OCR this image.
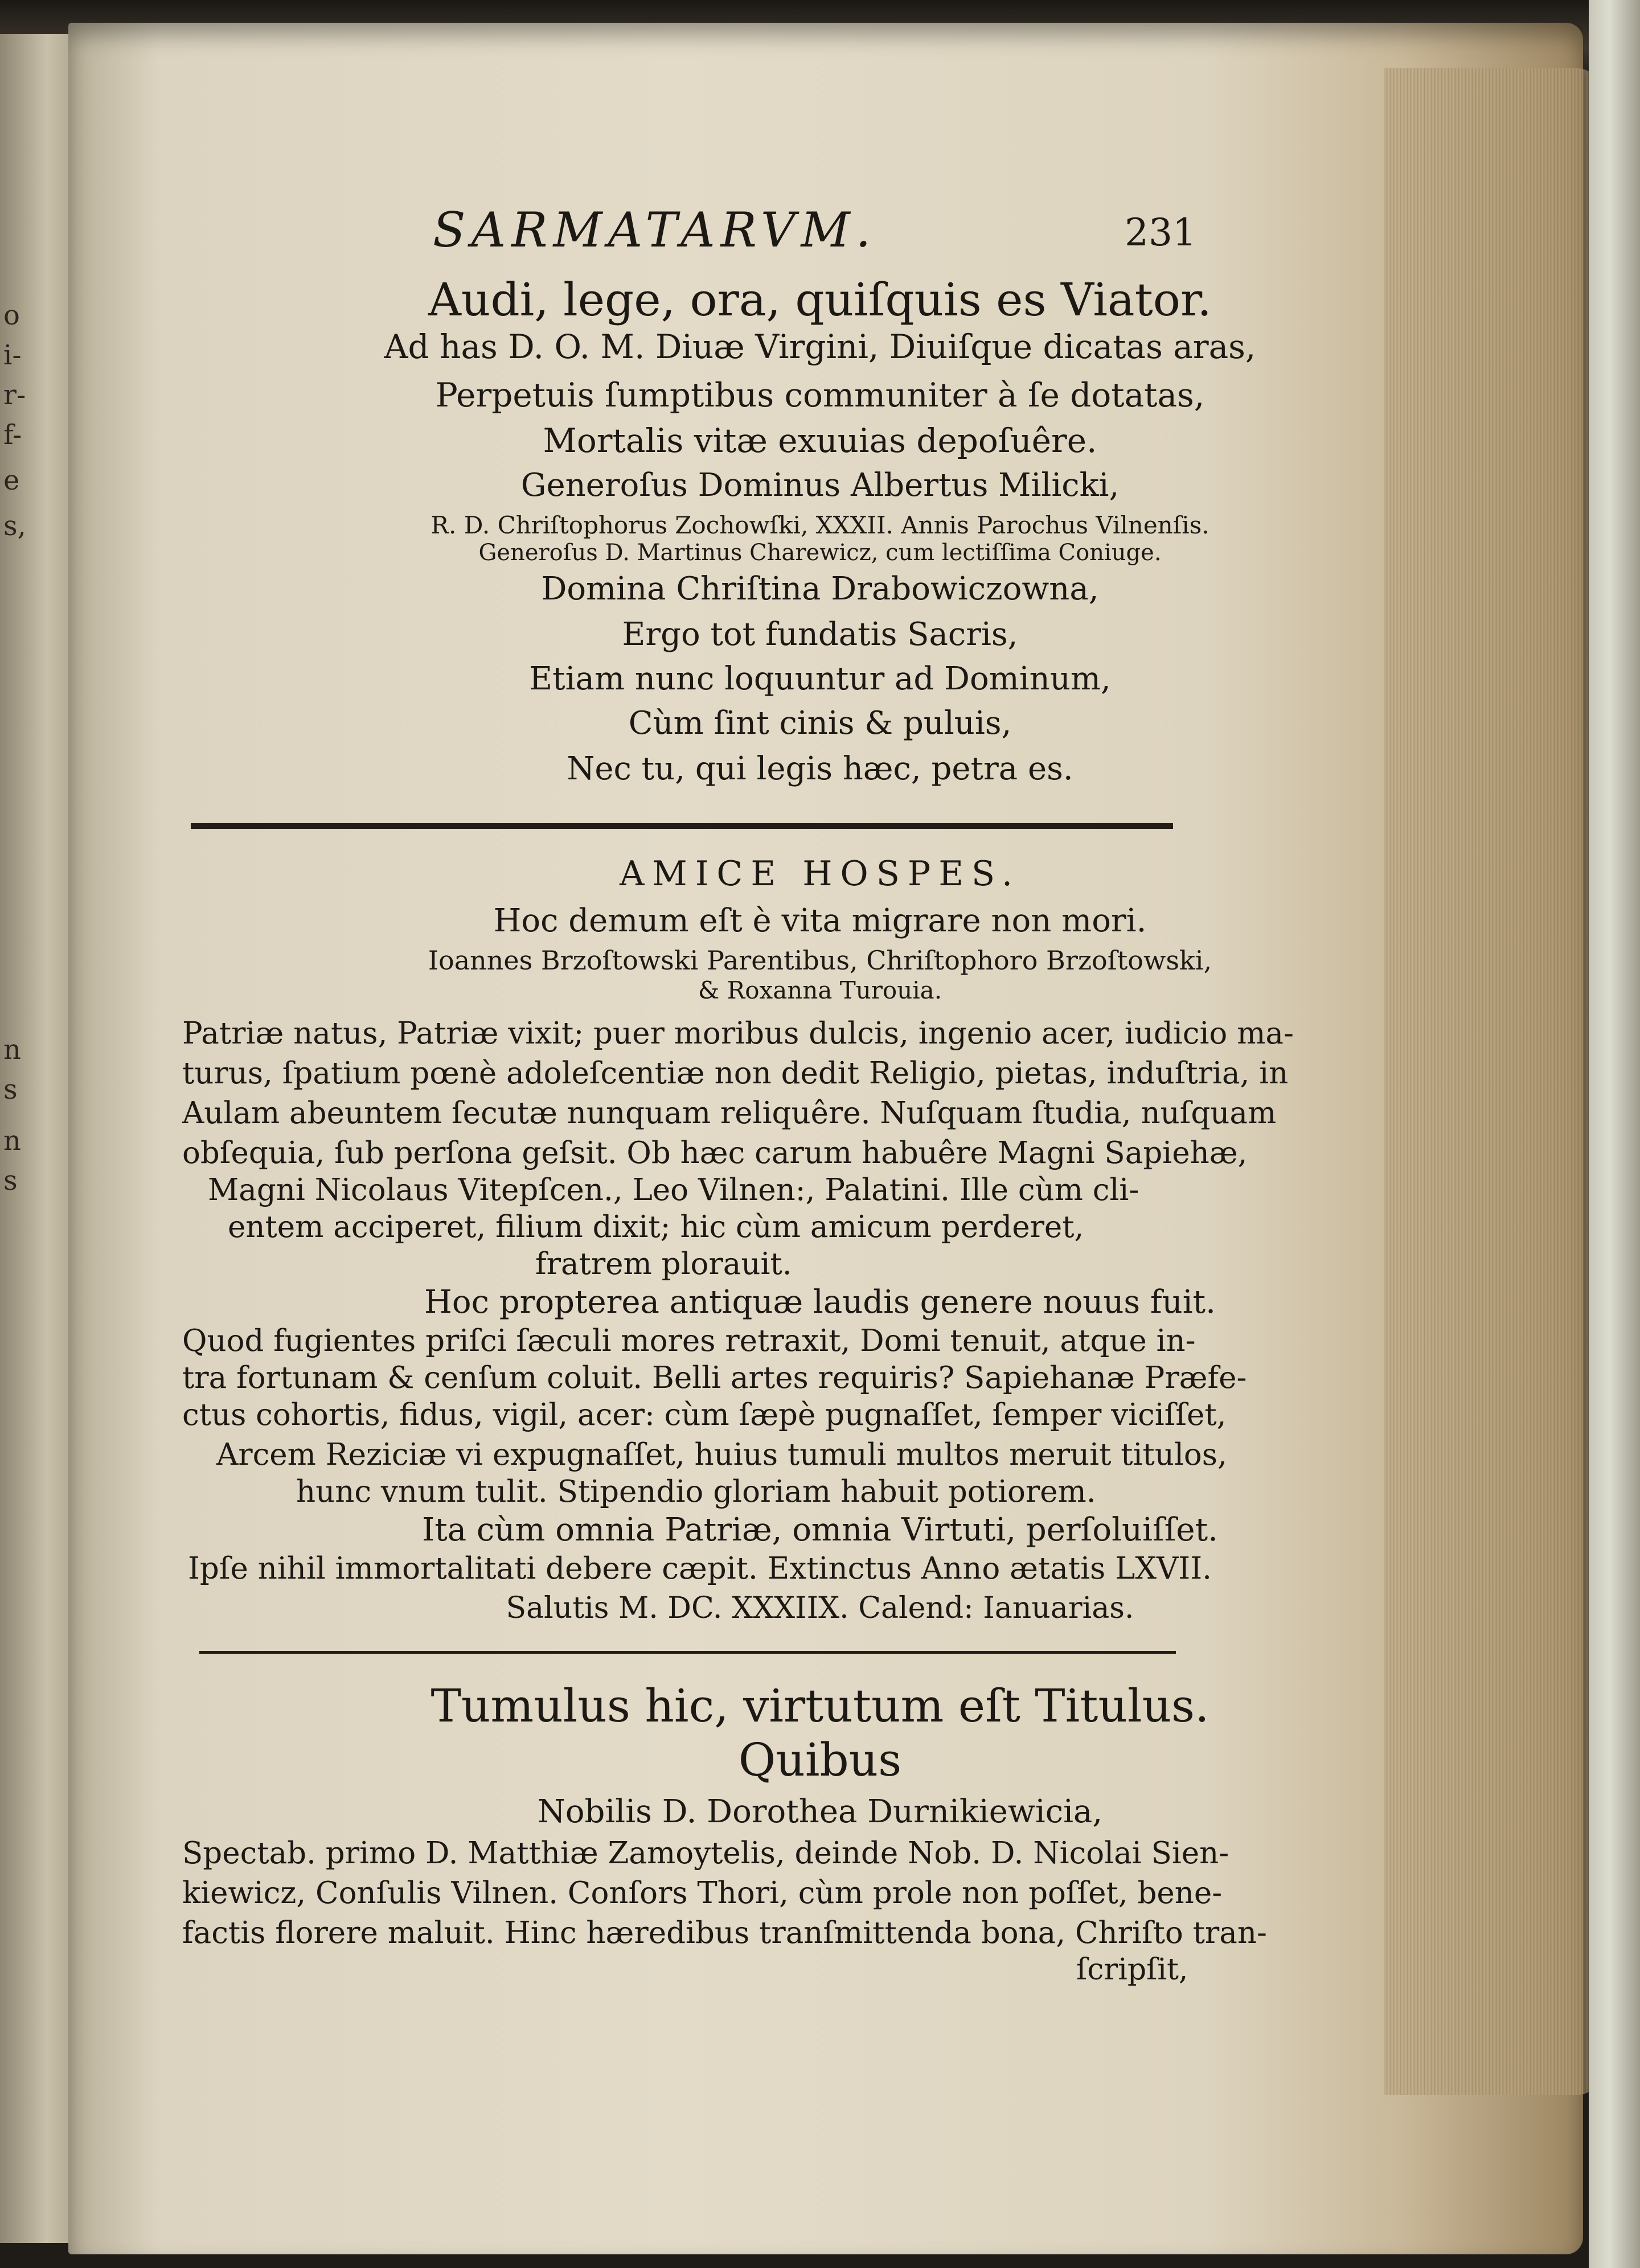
o
i-
r-
f-
e
s,
n
s
n
s
SARMATARVM.	231
Audi, lege, ora, quiſquis es Viator.
Ad has D. O. M. Diuæ Virgini, Diuiſque dicatas aras,
Perpetuis ſumptibus communiter à ſe dotatas,
Mortalis vitæ exuuias depoſuêre.
Generoſus Dominus Albertus Milicki,
R. D. Chriſtophorus Zochowſki, XXXII. Annis Parochus Vilnenſis.
Generoſus D. Martinus Charewicz, cum lectiſſima Coniuge.
Domina Chriſtina Drabowiczowna,
Ergo tot fundatis Sacris,
Etiam nunc loquuntur ad Dominum,
Cùm ſint cinis & puluis,
Nec tu, qui legis hæc, petra es.
AMICE HOSPES.
Hoc demum eſt è vita migrare non mori.
Ioannes Brzoſtowski Parentibus, Chriſtophoro Brzoſtowski,
& Roxanna Turouia.
Patriæ natus, Patriæ vixit; puer moribus dulcis, ingenio acer, iudicio ma-
turus, ſpatium pœnè adoleſcentiæ non dedit Religio, pietas, induſtria, in
Aulam abeuntem ſecutæ nunquam reliquêre. Nuſquam ſtudia, nuſquam
obſequia, ſub perſona geſsit. Ob hæc carum habuêre Magni Sapiehæ,
Magni Nicolaus Vitepſcen., Leo Vilnen:, Palatini. Ille cùm cli-
entem acciperet, filium dixit; hic cùm amicum perderet,
fratrem plorauit.
Hoc propterea antiquæ laudis genere nouus fuit.
Quod fugientes priſci ſæculi mores retraxit, Domi tenuit, atque in-
tra fortunam & cenſum coluit. Belli artes requiris? Sapiehanæ Præfe-
ctus cohortis, fidus, vigil, acer: cùm ſæpè pugnaſſet, ſemper viciſſet,
Arcem Reziciæ vi expugnaſſet, huius tumuli multos meruit titulos,
hunc vnum tulit. Stipendio gloriam habuit potiorem.
Ita cùm omnia Patriæ, omnia Virtuti, perſoluiſſet.
Ipſe nihil immortalitati debere cæpit. Extinctus Anno ætatis LXVII.
Salutis M. DC. XXXIIX. Calend: Ianuarias.
Tumulus hic, virtutum eſt Titulus.
Quibus
Nobilis D. Dorothea Durnikiewicia,
Spectab. primo D. Matthiæ Zamoytelis, deinde Nob. D. Nicolai Sien-
kiewicz, Conſulis Vilnen. Conſors Thori, cùm prole non poſſet, bene-
factis florere maluit. Hinc hæredibus tranſmittenda bona, Chriſto tran-
ſcripſit,
